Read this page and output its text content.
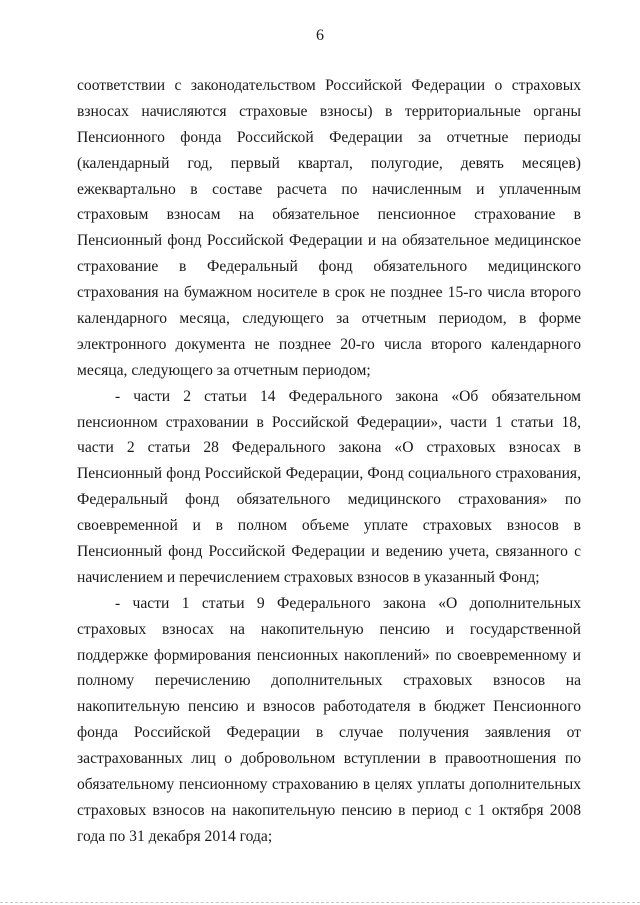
6
соответствии с законодательством Российской Федерации о страховых
взносах начисляются страховые взносы) в территориальные органы
Пенсионного фонда Российской Федерации за отчетные периоды
(календарный год, первый квартал, полугодие, девять месяцев)
ежеквартально в составе расчета по начисленным и уплаченным
страховым взносам на обязательное пенсионное страхование в
Пенсионный фонд Российской Федерации и на обязательное медицинское
страхование в Федеральный фонд обязательного медицинского
страхования на бумажном носителе в срок не позднее 15-го числа второго
календарного месяца, следующего за отчетным периодом, в форме
электронного документа не позднее 20-го числа второго календарного
месяца, следующего за отчетным периодом;
- части 2 статьи 14 Федерального закона «Об обязательном
пенсионном страховании в Российской Федерации», части 1 статьи 18,
части 2 статьи 28 Федерального закона «О страховых взносах в
Пенсионный фонд Российской Федерации, Фонд социального страхования,
Федеральный фонд обязательного медицинского страхования» по
своевременной и в полном объеме уплате страховых взносов в
Пенсионный фонд Российской Федерации и ведению учета, связанного с
начислением и перечислением страховых взносов в указанный Фонд;
- части 1 статьи 9 Федерального закона «О дополнительных
страховых взносах на накопительную пенсию и государственной
поддержке формирования пенсионных накоплений» по своевременному и
полному перечислению дополнительных страховых взносов на
накопительную пенсию и взносов работодателя в бюджет Пенсионного
фонда Российской Федерации в случае получения заявления от
застрахованных лиц о добровольном вступлении в правоотношения по
обязательному пенсионному страхованию в целях уплаты дополнительных
страховых взносов на накопительную пенсию в период с 1 октября 2008
года по 31 декабря 2014 года;
